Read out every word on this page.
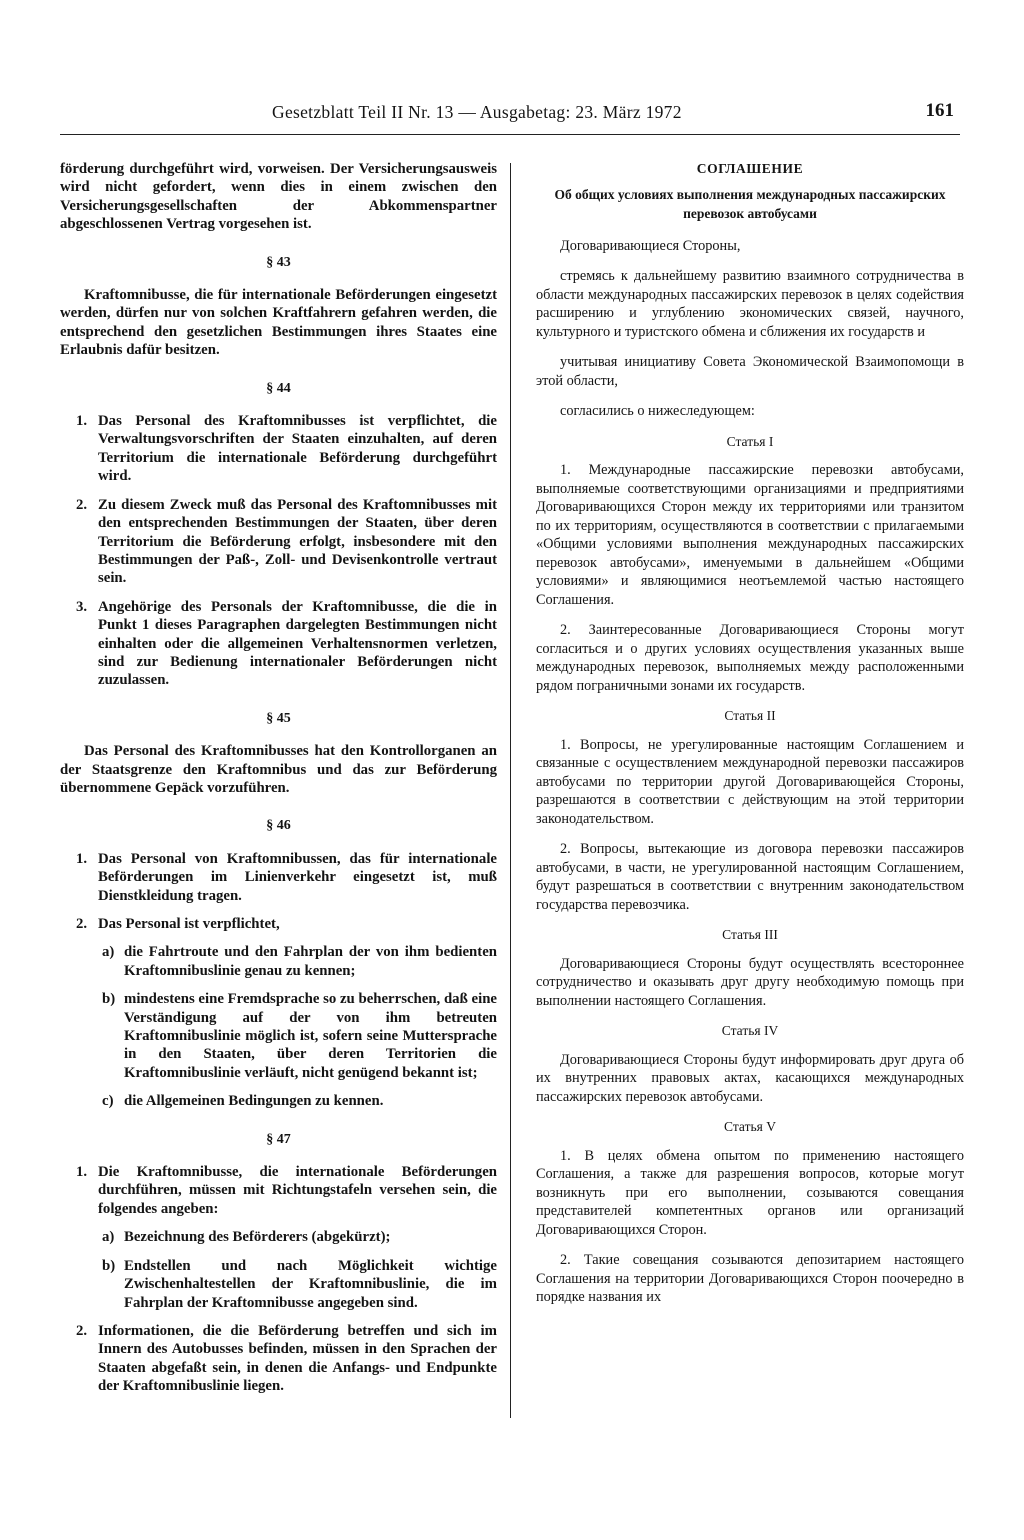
Gesetzblatt Teil II Nr. 13 — Ausgabetag: 23. März 1972	161

förderung durchgeführt wird, vorweisen. Der Versicherungsausweis wird nicht gefordert, wenn dies in einem zwischen den Versicherungsgesellschaften der Abkommenspartner abgeschlossenen Vertrag vorgesehen ist.

§ 43

Kraftomnibusse, die für internationale Beförderungen eingesetzt werden, dürfen nur von solchen Kraftfahrern gefahren werden, die entsprechend den gesetzlichen Bestimmungen ihres Staates eine Erlaubnis dafür besitzen.

§ 44

1. Das Personal des Kraftomnibusses ist verpflichtet, die Verwaltungsvorschriften der Staaten einzuhalten, auf deren Territorium die internationale Beförderung durchgeführt wird.

2. Zu diesem Zweck muß das Personal des Kraftomnibusses mit den entsprechenden Bestimmungen der Staaten, über deren Territorium die Beförderung erfolgt, insbesondere mit den Bestimmungen der Paß-, Zoll- und Devisenkontrolle vertraut sein.

3. Angehörige des Personals der Kraftomnibusse, die die in Punkt 1 dieses Paragraphen dargelegten Bestimmungen nicht einhalten oder die allgemeinen Verhaltensnormen verletzen, sind zur Bedienung internationaler Beförderungen nicht zuzulassen.

§ 45

Das Personal des Kraftomnibusses hat den Kontrollorganen an der Staatsgrenze den Kraftomnibus und das zur Beförderung übernommene Gepäck vorzuführen.

§ 46

1. Das Personal von Kraftomnibussen, das für internationale Beförderungen im Linienverkehr eingesetzt ist, muß Dienstkleidung tragen.

2. Das Personal ist verpflichtet,

a) die Fahrtroute und den Fahrplan der von ihm bedienten Kraftomnibuslinie genau zu kennen;

b) mindestens eine Fremdsprache so zu beherrschen, daß eine Verständigung auf der von ihm betreuten Kraftomnibuslinie möglich ist, sofern seine Muttersprache in den Staaten, über deren Territorien die Kraftomnibuslinie verläuft, nicht genügend bekannt ist;

c) die Allgemeinen Bedingungen zu kennen.

§ 47

1. Die Kraftomnibusse, die internationale Beförderungen durchführen, müssen mit Richtungstafeln versehen sein, die folgendes angeben:

a) Bezeichnung des Beförderers (abgekürzt);

b) Endstellen und nach Möglichkeit wichtige Zwischenhaltestellen der Kraftomnibuslinie, die im Fahrplan der Kraftomnibusse angegeben sind.

2. Informationen, die die Beförderung betreffen und sich im Innern des Autobusses befinden, müssen in den Sprachen der Staaten abgefaßt sein, in denen die Anfangs- und Endpunkte der Kraftomnibuslinie liegen.

СОГЛАШЕНИЕ
Об общих условиях выполнения международных пассажирских перевозок автобусами

Договаривающиеся Стороны,

стремясь к дальнейшему развитию взаимного сотрудничества в области международных пассажирских перевозок в целях содействия расширению и углублению экономических связей, научного, культурного и туристского обмена и сближения их государств и

учитывая инициативу Совета Экономической Взаимопомощи в этой области,

согласились о нижеследующем:

Статья I

1. Международные пассажирские перевозки автобусами, выполняемые соответствующими организациями и предприятиями Договаривающихся Сторон между их территориями или транзитом по их территориям, осуществляются в соответствии с прилагаемыми «Общими условиями выполнения международных пассажирских перевозок автобусами», именуемыми в дальнейшем «Общими условиями» и являющимися неотъемлемой частью настоящего Соглашения.

2. Заинтересованные Договаривающиеся Стороны могут согласиться и о других условиях осуществления указанных выше международных перевозок, выполняемых между расположенными рядом пограничными зонами их государств.

Статья II

1. Вопросы, не урегулированные настоящим Соглашением и связанные с осуществлением международной перевозки пассажиров автобусами по территории другой Договаривающейся Стороны, разрешаются в соответствии с действующим на этой территории законодательством.

2. Вопросы, вытекающие из договора перевозки пассажиров автобусами, в части, не урегулированной настоящим Соглашением, будут разрешаться в соответствии с внутренним законодательством государства перевозчика.

Статья III

Договаривающиеся Стороны будут осуществлять всестороннее сотрудничество и оказывать друг другу необходимую помощь при выполнении настоящего Соглашения.

Статья IV

Договаривающиеся Стороны будут информировать друг друга об их внутренних правовых актах, касающихся международных пассажирских перевозок автобусами.

Статья V

1. В целях обмена опытом по применению настоящего Соглашения, а также для разрешения вопросов, которые могут возникнуть при его выполнении, созываются совещания представителей компетентных органов или организаций Договаривающихся Сторон.

2. Такие совещания созываются депозитарием настоящего Соглашения на территории Договаривающихся Сторон поочередно в порядке названия их
